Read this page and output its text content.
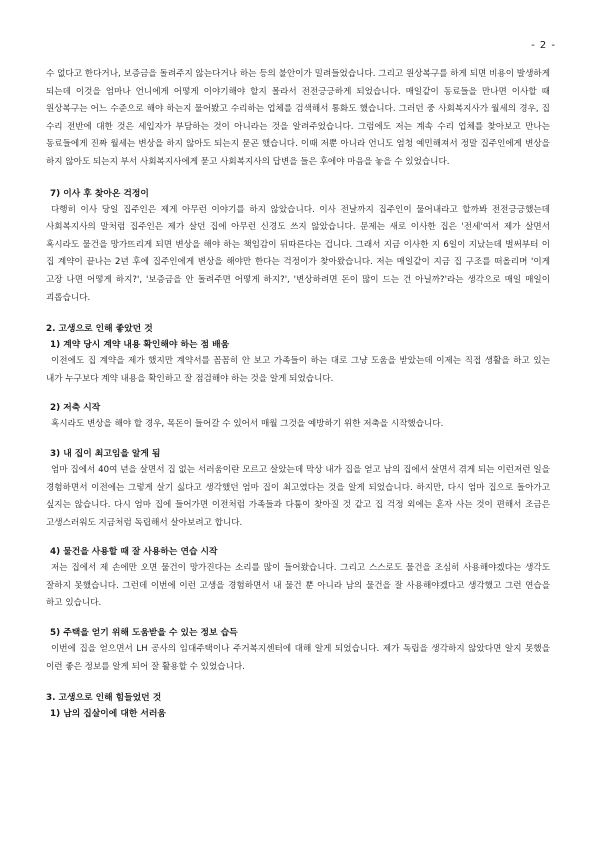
- 2 -

수 없다고 한다거나, 보증금을 돌려주지 않는다거나 하는 등의 불안이가 밀려들었습니다. 그리고 원상복구를 하게 되면 비용이 발생하게 되는데 이것을 엄마나 언니에게 어떻게 이야기해야 할지 몰라서 전전긍긍하게 되었습니다. 매일같이 동료들을 만나면 이사할 때 원상복구는 어느 수준으로 해야 하는지 물어봤고 수리하는 업체를 검색해서 통화도 했습니다. 그러던 중 사회복지사가 월세의 경우, 집 수리 전반에 대한 것은 세입자가 부담하는 것이 아니라는 것을 알려주었습니다. 그럼에도 저는 계속 수리 업체를 찾아보고 만나는 동료들에게 진짜 월세는 변상을 하지 않아도 되는지 묻곤 했습니다. 이때 저뿐 아니라 언니도 엄청 예민해져서 정말 집주인에게 변상을 하지 않아도 되는지 부서 사회복지사에게 묻고 사회복지사의 답변을 들은 후에야 마음을 놓을 수 있었습니다.

7) 이사 후 찾아온 걱정이

다행히 이사 당일 집주인은 제게 아무런 이야기를 하지 않았습니다. 이사 전날까지 집주인이 물어내라고 할까봐 전전긍긍했는데 사회복지사의 말처럼 집주인은 제가 살던 집에 아무런 신경도 쓰지 않았습니다. 문제는 새로 이사한 집은 '전세'여서 제가 살면서 혹시라도 물건을 망가뜨리게 되면 변상을 해야 하는 책임감이 뒤따른다는 겁니다. 그래서 지금 이사한 지 6일이 지났는데 벌써부터 이 집 계약이 끝나는 2년 후에 집주인에게 변상을 해야만 한다는 걱정이가 찾아왔습니다. 저는 매일같이 지금 집 구조를 떠올리며 '이게 고장 나면 어떻게 하지?', '보증금을 안 돌려주면 어떻게 하지?', '변상하려면 돈이 많이 드는 건 아닐까?'라는 생각으로 매일 매일이 괴롭습니다.

2. 고생으로 인해 좋았던 것

1) 계약 당시 계약 내용 확인해야 하는 점 배움

이전에도 집 계약을 제가 했지만 계약서를 꼼꼼히 안 보고 가족들이 하는 대로 그냥 도움을 받았는데 이제는 직접 생활을 하고 있는 내가 누구보다 계약 내용을 확인하고 잘 점검해야 하는 것을 알게 되었습니다.

2) 저축 시작

혹시라도 변상을 해야 할 경우, 목돈이 들어갈 수 있어서 매월 그것을 예방하기 위한 저축을 시작했습니다.

3) 내 집이 최고임을 알게 됨

엄마 집에서 40여 년을 살면서 집 없는 서러움이란 모르고 살았는데 막상 내가 집을 얻고 남의 집에서 살면서 겪게 되는 이런저런 일을 경험하면서 이전에는 그렇게 살기 싫다고 생각했던 엄마 집이 최고였다는 것을 알게 되었습니다. 하지만, 다시 엄마 집으로 돌아가고 싶지는 않습니다. 다시 엄마 집에 들어가면 이전처럼 가족들과 다툼이 찾아질 것 같고 집 걱정 외에는 혼자 사는 것이 편해서 조금은 고생스러워도 지금처럼 독립해서 살아보려고 합니다.

4) 물건을 사용할 때 잘 사용하는 연습 시작

저는 집에서 제 손에만 오면 물건이 망가진다는 소리를 많이 들어왔습니다. 그리고 스스로도 물건을 조심히 사용해야겠다는 생각도 잘하지 못했습니다. 그런데 이번에 이런 고생을 경험하면서 내 물건 뿐 아니라 남의 물건을 잘 사용해야겠다고 생각했고 그런 연습을 하고 있습니다.

5) 주택을 얻기 위해 도움받을 수 있는 정보 습득

이번에 집을 얻으면서 LH 공사의 임대주택이나 주거복지센터에 대해 알게 되었습니다. 제가 독립을 생각하지 않았다면 알지 못했을 이런 좋은 정보를 알게 되어 잘 활용할 수 있었습니다.

3. 고생으로 인해 힘들었던 것

1) 남의 집살이에 대한 서러움
